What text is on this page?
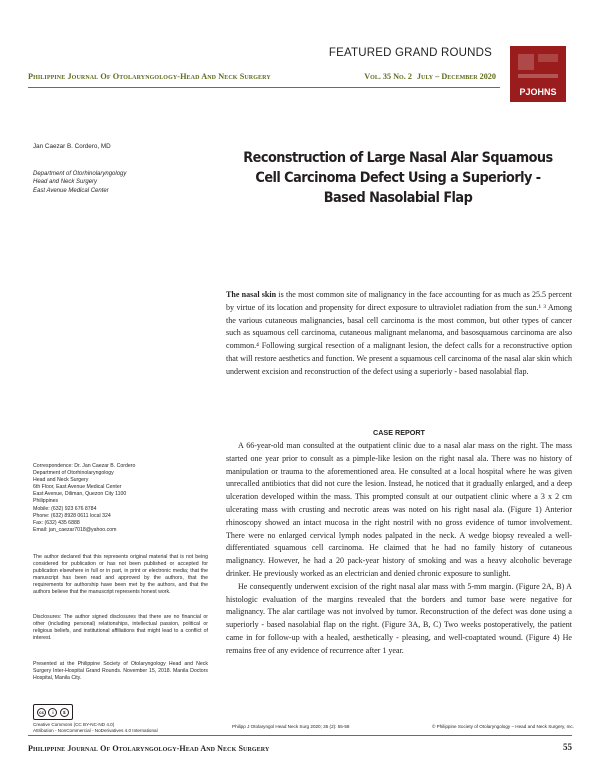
FEATURED GRAND ROUNDS
PJOHNS
Philippine Journal Of Otolaryngology-Head And Neck Surgery	Vol. 35 No. 2 July – December 2020
Jan Caezar B. Cordero, MD
Department of Otorhinolaryngology
Head and Neck Surgery
East Avenue Medical Center
Correspondence: Dr. Jan Caezar B. Cordero
Department of Otorhinolaryngology
Head and Neck Surgery
6th Floor, East Avenue Medical Center
East Avenue, Diliman, Quezon City 1100
Philippines
Mobile: (632) 923 676 8784
Phone: (632) 8928 0611 local 324
Fax: (632) 435 6888
Email: jan_caezar7018@yahoo.com
The author declared that this represents original material that is not being considered for publication or has not been published or accepted for publication elsewhere in full or in part, in print or electronic media; that the manuscript has been read and approved by the authors, that the requirements for authorship have been met by the authors, and that the authors believe that the manuscript represents honest work.
Disclosures: The author signed disclosures that there are no financial or other (including personal) relationships, intellectual passion, political or religious beliefs, and institutional affiliations that might lead to a conflict of interest.
Presented at the Philippine Society of Otolaryngology Head and Neck Surgery Inter-Hospital Grand Rounds. November 15, 2018. Manila Doctors Hospital, Manila City.
cc	i	$
Creative Commons (CC BY-NC-ND 4.0)
Attribution - NonCommercial - NoDerivatives 4.0 International
Reconstruction of Large Nasal Alar Squamous Cell Carcinoma Defect Using a Superiorly - Based Nasolabial Flap
The nasal skin is the most common site of malignancy in the face accounting for as much as 25.5 percent by virtue of its location and propensity for direct exposure to ultraviolet radiation from the sun.¹ ³ Among the various cutaneous malignancies, basal cell carcinoma is the most common, but other types of cancer such as squamous cell carcinoma, cutaneous malignant melanoma, and basosquamous carcinoma are also common.⁴ Following surgical resection of a malignant lesion, the defect calls for a reconstructive option that will restore aesthetics and function. We present a squamous cell carcinoma of the nasal alar skin which underwent excision and reconstruction of the defect using a superiorly - based nasolabial flap.
CASE REPORT

A 66-year-old man consulted at the outpatient clinic due to a nasal alar mass on the right. The mass started one year prior to consult as a pimple-like lesion on the right nasal ala. There was no history of manipulation or trauma to the aforementioned area. He consulted at a local hospital where he was given unrecalled antibiotics that did not cure the lesion. Instead, he noticed that it gradually enlarged, and a deep ulceration developed within the mass. This prompted consult at our outpatient clinic where a 3 x 2 cm ulcerating mass with crusting and necrotic areas was noted on his right nasal ala. (Figure 1) Anterior rhinoscopy showed an intact mucosa in the right nostril with no gross evidence of tumor involvement. There were no enlarged cervical lymph nodes palpated in the neck. A wedge biopsy revealed a well-differentiated squamous cell carcinoma. He claimed that he had no family history of cutaneous malignancy. However, he had a 20 pack-year history of smoking and was a heavy alcoholic beverage drinker. He previously worked as an electrician and denied chronic exposure to sunlight.

He consequently underwent excision of the right nasal alar mass with 5-mm margin. (Figure 2A, B) A histologic evaluation of the margins revealed that the borders and tumor base were negative for malignancy. The alar cartilage was not involved by tumor. Reconstruction of the defect was done using a superiorly - based nasolabial flap on the right. (Figure 3A, B, C) Two weeks postoperatively, the patient came in for follow-up with a healed, aesthetically - pleasing, and well-coaptated wound. (Figure 4) He remains free of any evidence of recurrence after 1 year.

Philipp J Otolaryngol Head Neck Surg 2020; 35 (2): 55-58	© Philippine Society of Otolaryngology – Head and Neck Surgery, Inc.
Philippine Journal Of Otolaryngology-Head And Neck Surgery	55
